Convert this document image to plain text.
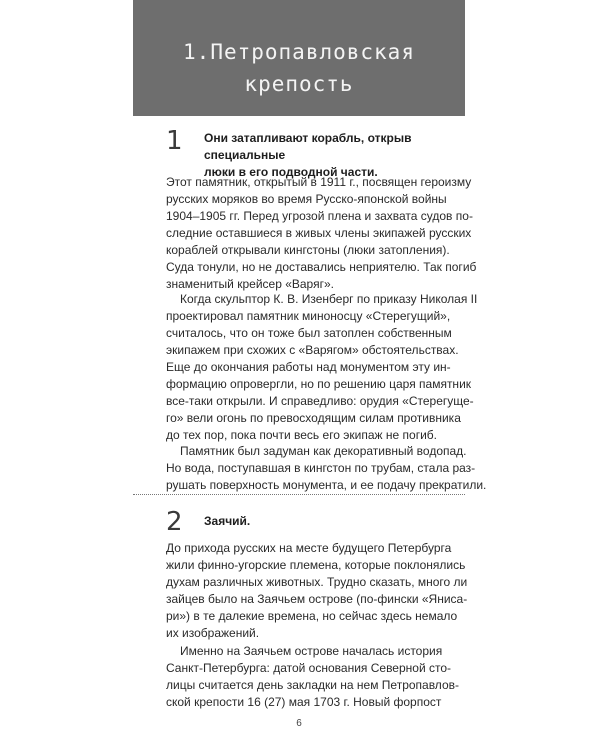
1.Петропавловская
крепость
1 Они затапливают корабль, открыв специальные
люки в его подводной части.
Этот памятник, открытый в 1911 г., посвящен героизму
русских моряков во время Русско-японской войны
1904–1905 гг. Перед угрозой плена и захвата судов по-
следние оставшиеся в живых члены экипажей русских
кораблей открывали кингстоны (люки затопления).
Суда тонули, но не доставались неприятелю. Так погиб
знаменитый крейсер «Варяг».
Когда скульптор К. В. Изенберг по приказу Николая II
проектировал памятник миноносцу «Стерегущий»,
считалось, что он тоже был затоплен собственным
экипажем при схожих с «Варягом» обстоятельствах.
Еще до окончания работы над монументом эту ин-
формацию опровергли, но по решению царя памятник
все-таки открыли. И справедливо: орудия «Стерегуще-
го» вели огонь по превосходящим силам противника
до тех пор, пока почти весь его экипаж не погиб.
Памятник был задуман как декоративный водопад.
Но вода, поступавшая в кингстон по трубам, стала раз-
рушать поверхность монумента, и ее подачу прекратили.
2 Заячий.
До прихода русских на месте будущего Петербурга
жили финно-угорские племена, которые поклонялись
духам различных животных. Трудно сказать, много ли
зайцев было на Заячьем острове (по-фински «Яниса-
ри») в те далекие времена, но сейчас здесь немало
их изображений.
Именно на Заячьем острове началась история
Санкт-Петербурга: датой основания Северной сто-
лицы считается день закладки на нем Петропавлов-
ской крепости 16 (27) мая 1703 г. Новый форпост
6
